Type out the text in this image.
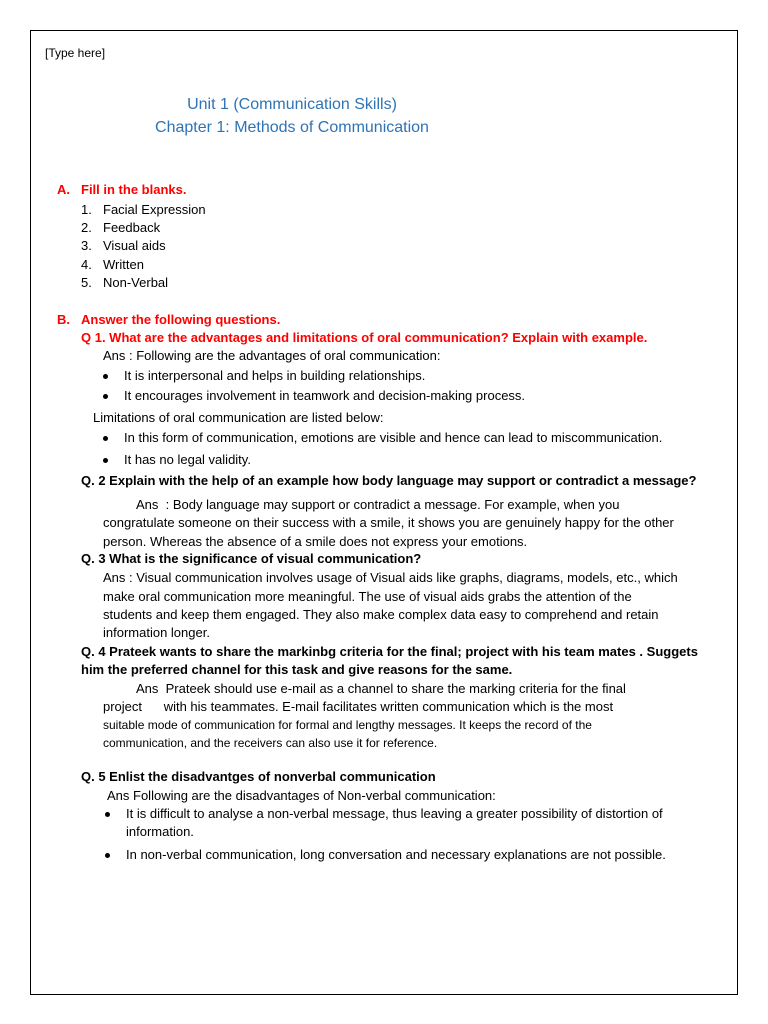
[Type here]
Unit 1 (Communication Skills)
Chapter 1: Methods of Communication
A. Fill in the blanks.
1. Facial Expression
2. Feedback
3. Visual aids
4. Written
5. Non-Verbal
B. Answer the following questions.
Q 1. What are the advantages and limitations of oral communication? Explain with example.
Ans : Following are the advantages of oral communication:
It is interpersonal and helps in building relationships.
It encourages involvement in teamwork and decision-making process.
Limitations of oral communication are listed below:
In this form of communication, emotions are visible and hence can lead to miscommunication.
It has no legal validity.
Q. 2 Explain with the help of an example how body language may support or contradict a message?
Ans  : Body language may support or contradict a message. For example, when you
congratulate someone on their success with a smile, it shows you are genuinely happy for the other
person. Whereas the absence of a smile does not express your emotions.
Q. 3 What is the significance of visual communication?
Ans : Visual communication involves usage of Visual aids like graphs, diagrams, models, etc., which
make oral communication more meaningful. The use of visual aids grabs the attention of the
students and keep them engaged. They also make complex data easy to comprehend and retain
information longer.
Q. 4 Prateek wants to share the markinbg criteria for the final; project with his team mates . Suggets
him the preferred channel for this task and give reasons for the same.
Ans  Prateek should use e-mail as a channel to share the marking criteria for the final
project      with his teammates. E-mail facilitates written communication which is the most
suitable mode of communication for formal and lengthy messages. It keeps the record of the
communication, and the receivers can also use it for reference.
Q. 5 Enlist the disadvantges of nonverbal communication
Ans Following are the disadvantages of Non-verbal communication:
It is difficult to analyse a non-verbal message, thus leaving a greater possibility of distortion of
information.
In non-verbal communication, long conversation and necessary explanations are not possible.
